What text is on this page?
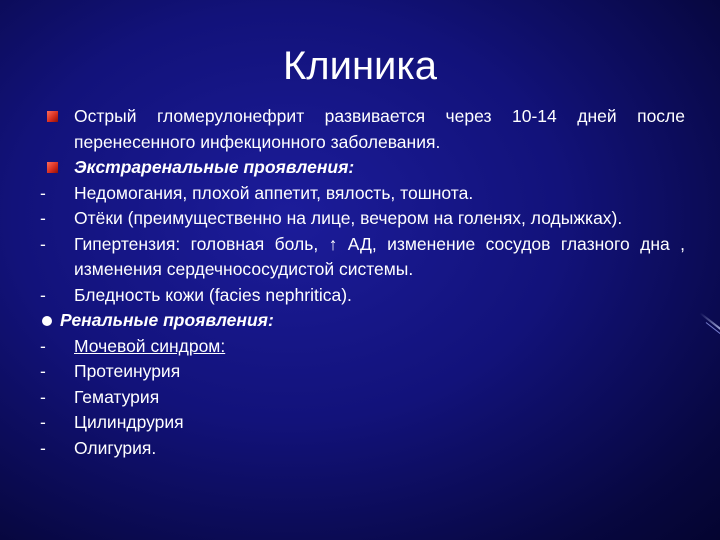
Клиника
Острый гломерулонефрит развивается через 10-14 дней после перенесенного инфекционного заболевания.
Экстраренальные проявления:
- Недомогания, плохой аппетит, вялость, тошнота.
- Отёки (преимущественно на лице, вечером на голенях, лодыжках).
- Гипертензия: головная боль, ↑ АД, изменение сосудов глазного дна , изменения сердечнососудистой системы.
- Бледность кожи (facies nephritica).
Ренальные проявления:
- Мочевой синдром:
- Протеинурия
- Гематурия
- Цилиндрурия
- Олигурия.
